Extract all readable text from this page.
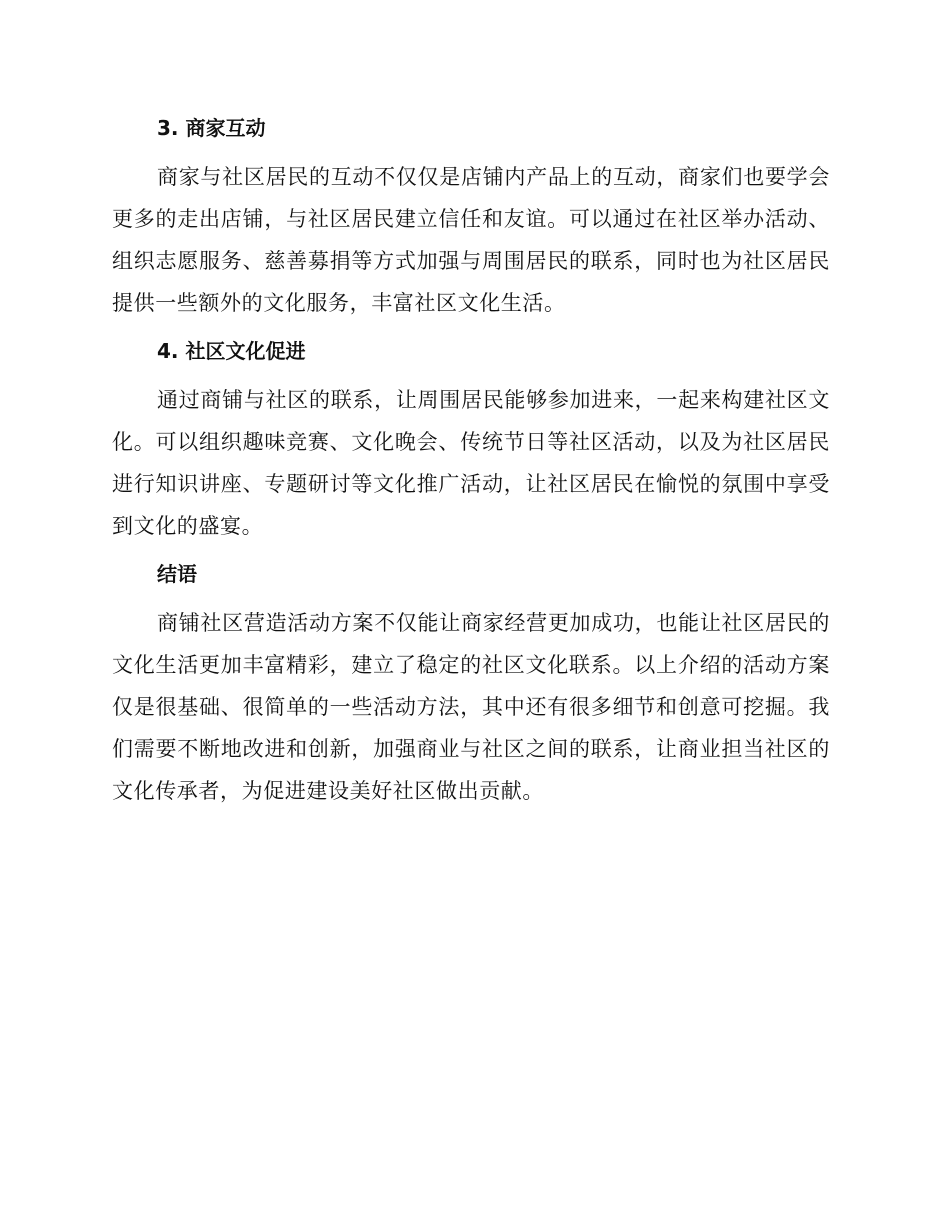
3. 商家互动

商家与社区居民的互动不仅仅是店铺内产品上的互动，商家们也要学会更多的走出店铺，与社区居民建立信任和友谊。可以通过在社区举办活动、组织志愿服务、慈善募捐等方式加强与周围居民的联系，同时也为社区居民提供一些额外的文化服务，丰富社区文化生活。

4. 社区文化促进

通过商铺与社区的联系，让周围居民能够参加进来，一起来构建社区文化。可以组织趣味竞赛、文化晚会、传统节日等社区活动，以及为社区居民进行知识讲座、专题研讨等文化推广活动，让社区居民在愉悦的氛围中享受到文化的盛宴。

结语

商铺社区营造活动方案不仅能让商家经营更加成功，也能让社区居民的文化生活更加丰富精彩，建立了稳定的社区文化联系。以上介绍的活动方案仅是很基础、很简单的一些活动方法，其中还有很多细节和创意可挖掘。我们需要不断地改进和创新，加强商业与社区之间的联系，让商业担当社区的文化传承者，为促进建设美好社区做出贡献。
